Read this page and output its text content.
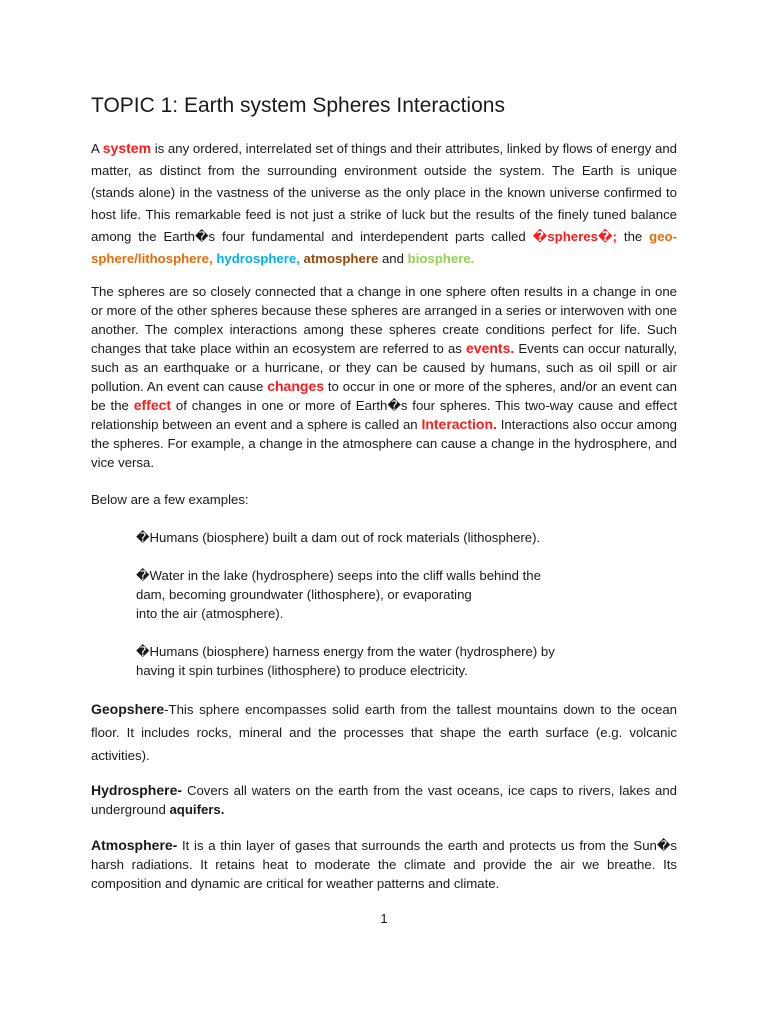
TOPIC 1: Earth system Spheres Interactions

A system is any ordered, interrelated set of things and their attributes, linked by flows of energy and matter, as distinct from the surrounding environment outside the system. The Earth is unique (stands alone) in the vastness of the universe as the only place in the known universe confirmed to host life. This remarkable feed is not just a strike of luck but the results of the finely tuned balance among the Earth�s four fundamental and interdependent parts called �spheres�; the geo-sphere/lithosphere, hydrosphere, atmosphere and biosphere.

The spheres are so closely connected that a change in one sphere often results in a change in one or more of the other spheres because these spheres are arranged in a series or interwoven with one another. The complex interactions among these spheres create conditions perfect for life. Such changes that take place within an ecosystem are referred to as events. Events can occur naturally, such as an earthquake or a hurricane, or they can be caused by humans, such as oil spill or air pollution. An event can cause changes to occur in one or more of the spheres, and/or an event can be the effect of changes in one or more of Earth�s four spheres. This two-way cause and effect relationship between an event and a sphere is called an Interaction. Interactions also occur among the spheres. For example, a change in the atmosphere can cause a change in the hydrosphere, and vice versa.

Below are a few examples:

�Humans (biosphere) built a dam out of rock materials (lithosphere).

�Water in the lake (hydrosphere) seeps into the cliff walls behind the
dam, becoming groundwater (lithosphere), or evaporating
into the air (atmosphere).

�Humans (biosphere) harness energy from the water (hydrosphere) by
having it spin turbines (lithosphere) to produce electricity.

Geopshere-This sphere encompasses solid earth from the tallest mountains down to the ocean floor. It includes rocks, mineral and the processes that shape the earth surface (e.g. volcanic activities).

Hydrosphere- Covers all waters on the earth from the vast oceans, ice caps to rivers, lakes and underground aquifers.

Atmosphere- It is a thin layer of gases that surrounds the earth and protects us from the Sun�s harsh radiations. It retains heat to moderate the climate and provide the air we breathe. Its composition and dynamic are critical for weather patterns and climate.

1
